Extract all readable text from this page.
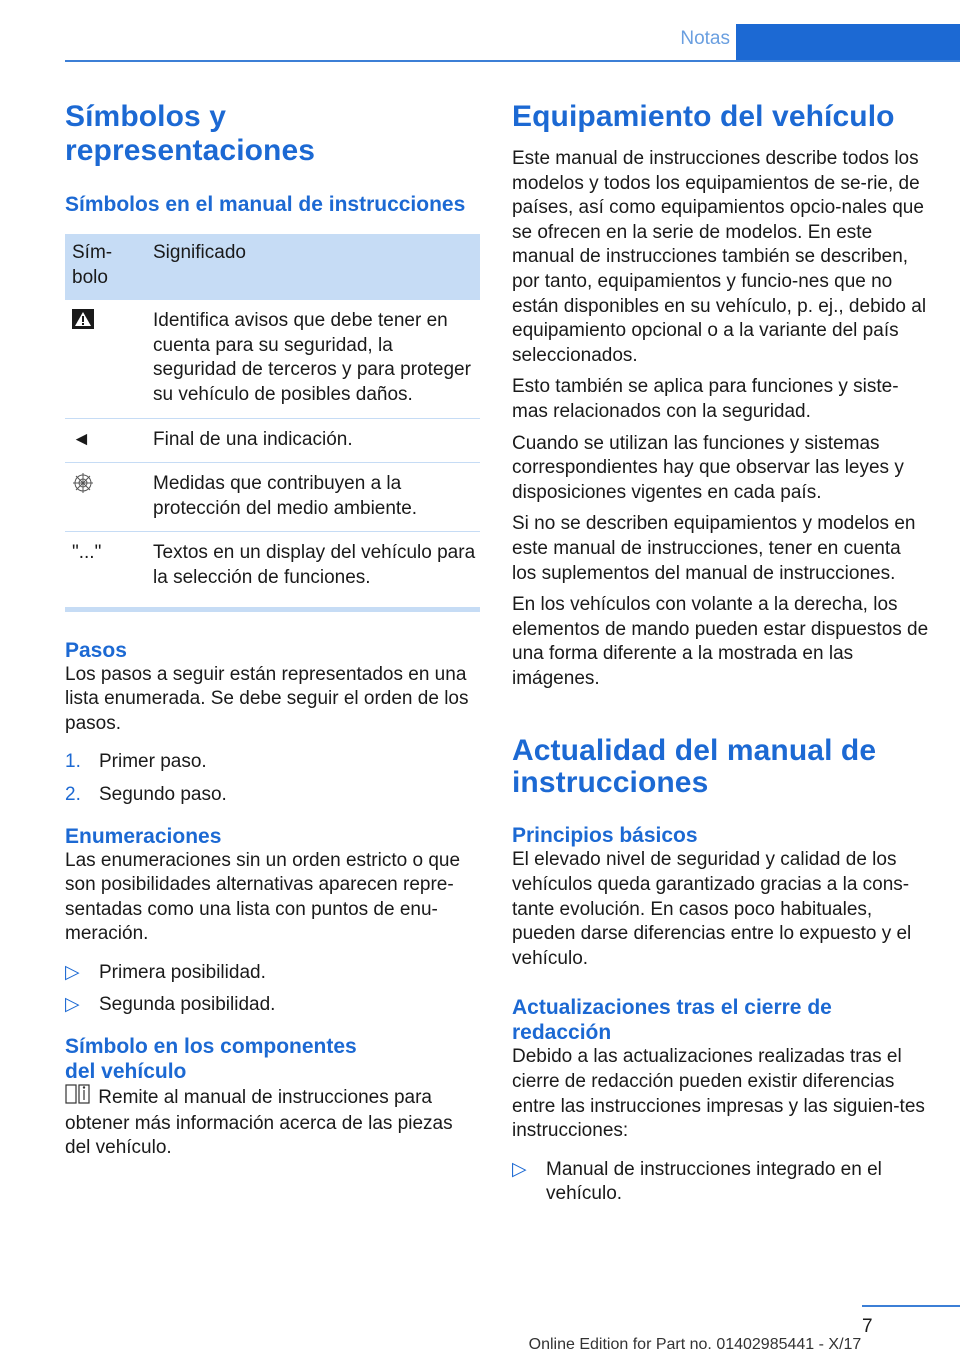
Notas
Símbolos y representaciones
Símbolos en el manual de instrucciones
Sím-
bolo	Significado
	Identifica avisos que debe tener en cuenta para su seguridad, la seguridad de terceros y para proteger su vehículo de posibles daños.
◄	Final de una indicación.
	Medidas que contribuyen a la protección del medio ambiente.
"..."	Textos en un display del vehículo para la selección de funciones.
Pasos

Los pasos a seguir están representados en una lista enumerada. Se debe seguir el orden de los pasos.

1. Primer paso.
2. Segundo paso.
Enumeraciones

Las enumeraciones sin un orden estricto o que son posibilidades alternativas aparecen repre-sentadas como una lista con puntos de enu-meración.

▷	Primera posibilidad.
▷	Segunda posibilidad.
Símbolo en los componentes
del vehículo

Remite al manual de instrucciones para obtener más información acerca de las piezas del vehículo.

Equipamiento del vehículo

Este manual de instrucciones describe todos los modelos y todos los equipamientos de se-rie, de países, así como equipamientos opcio-nales que se ofrecen en la serie de modelos. En este manual de instrucciones también se describen, por tanto, equipamientos y funcio-nes que no están disponibles en su vehículo, p. ej., debido al equipamiento opcional o a la variante del país seleccionados.

Esto también se aplica para funciones y siste-mas relacionados con la seguridad.

Cuando se utilizan las funciones y sistemas correspondientes hay que observar las leyes y disposiciones vigentes en cada país.

Si no se describen equipamientos y modelos en este manual de instrucciones, tener en cuenta los suplementos del manual de instrucciones.

En los vehículos con volante a la derecha, los elementos de mando pueden estar dispuestos de una forma diferente a la mostrada en las imágenes.

Actualidad del manual de instrucciones
Principios básicos

El elevado nivel de seguridad y calidad de los vehículos queda garantizado gracias a la cons-tante evolución. En casos poco habituales, pueden darse diferencias entre lo expuesto y el vehículo.

Actualizaciones tras el cierre de redacción

Debido a las actualizaciones realizadas tras el cierre de redacción pueden existir diferencias entre las instrucciones impresas y las siguien-tes instrucciones:

▷	Manual de instrucciones integrado en el vehículo.
7
Online Edition for Part no. 01402985441 - X/17
